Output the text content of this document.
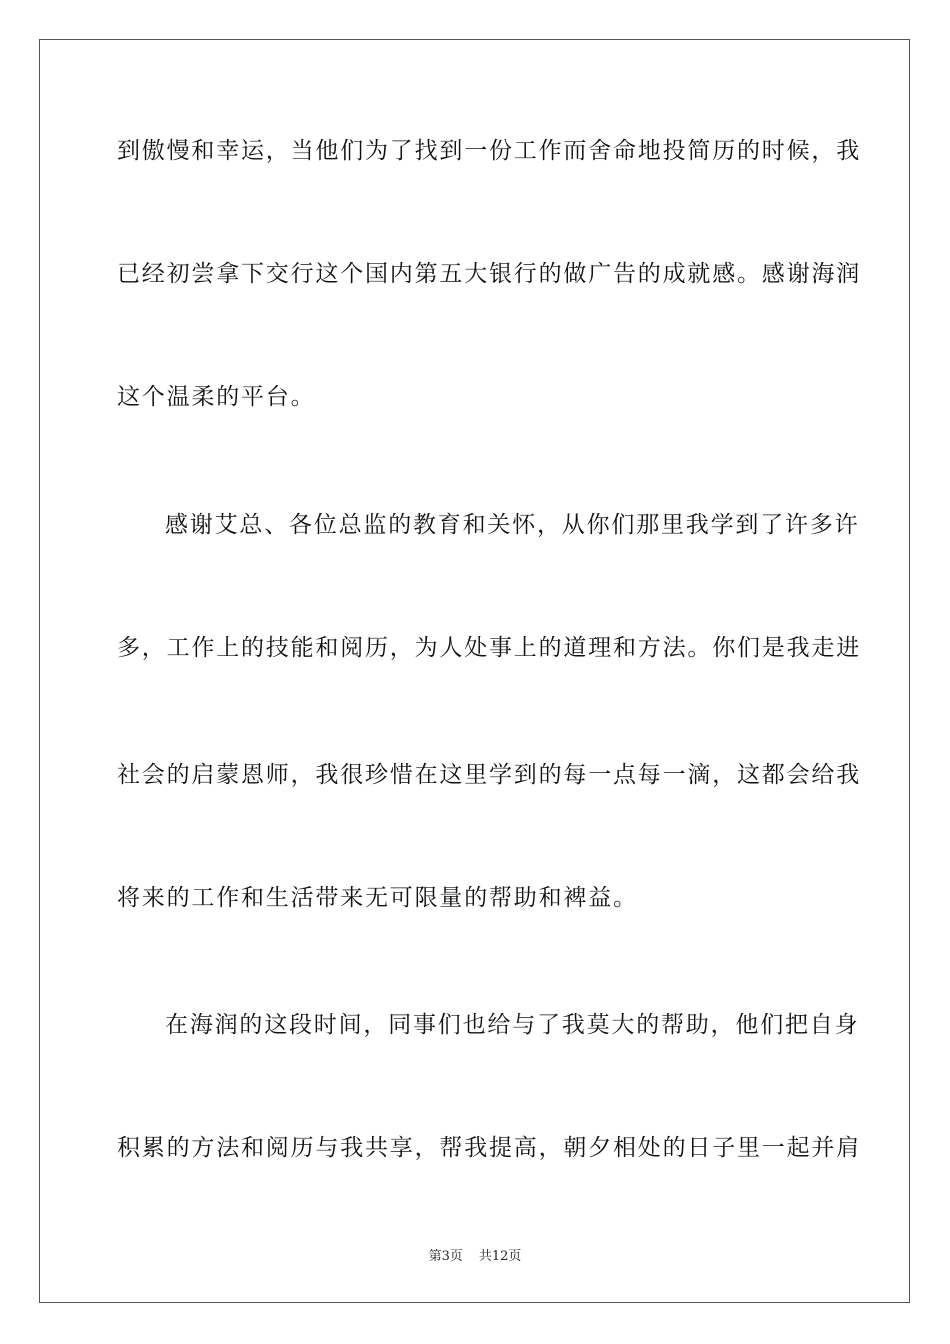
到傲慢和幸运，当他们为了找到一份工作而舍命地投简历的时候，我
已经初尝拿下交行这个国内第五大银行的做广告的成就感。感谢海润
这个温柔的平台。
感谢艾总、各位总监的教育和关怀，从你们那里我学到了许多许
多，工作上的技能和阅历，为人处事上的道理和方法。你们是我走进
社会的启蒙恩师，我很珍惜在这里学到的每一点每一滴，这都会给我
将来的工作和生活带来无可限量的帮助和裨益。
在海润的这段时间，同事们也给与了我莫大的帮助，他们把自身
积累的方法和阅历与我共享，帮我提高，朝夕相处的日子里一起并肩
第3页 共12页
